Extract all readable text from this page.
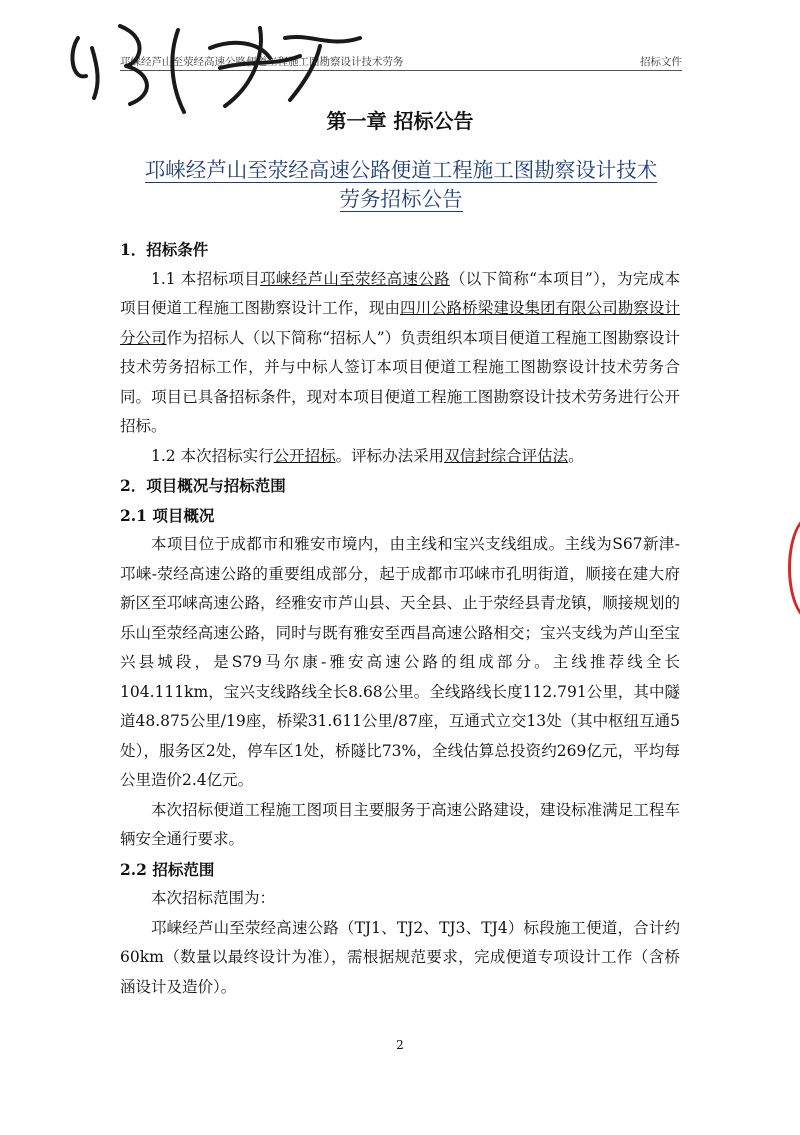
邛崃经芦山至荥经高速公路便道工程施工图勘察设计技术劳务	招标文件
第一章 招标公告
邛崃经芦山至荥经高速公路便道工程施工图勘察设计技术
劳务招标公告
1．招标条件

1.1 本招标项目邛崃经芦山至荥经高速公路（以下简称“本项目”），为完成本项目便道工程施工图勘察设计工作，现由四川公路桥梁建设集团有限公司勘察设计分公司作为招标人（以下简称“招标人”）负责组织本项目便道工程施工图勘察设计技术劳务招标工作，并与中标人签订本项目便道工程施工图勘察设计技术劳务合同。项目已具备招标条件，现对本项目便道工程施工图勘察设计技术劳务进行公开招标。

1.2 本次招标实行公开招标。评标办法采用双信封综合评估法。

2．项目概况与招标范围
2.1 项目概况

本项目位于成都市和雅安市境内，由主线和宝兴支线组成。主线为S67新津-邛崃-荥经高速公路的重要组成部分，起于成都市邛崃市孔明街道，顺接在建大府新区至邛崃高速公路，经雅安市芦山县、天全县、止于荥经县青龙镇，顺接规划的乐山至荥经高速公路，同时与既有雅安至西昌高速公路相交；宝兴支线为芦山至宝兴县城段，是S79马尔康-雅安高速公路的组成部分。主线推荐线全长104.111km，宝兴支线路线全长8.68公里。全线路线长度112.791公里，其中隧道48.875公里/19座，桥梁31.611公里/87座，互通式立交13处（其中枢纽互通5处），服务区2处，停车区1处，桥隧比73%，全线估算总投资约269亿元，平均每公里造价2.4亿元。

本次招标便道工程施工图项目主要服务于高速公路建设，建设标准满足工程车辆安全通行要求。

2.2 招标范围

本次招标范围为：

邛崃经芦山至荥经高速公路（TJ1、TJ2、TJ3、TJ4）标段施工便道，合计约60km（数量以最终设计为准），需根据规范要求，完成便道专项设计工作（含桥涵设计及造价）。

2
